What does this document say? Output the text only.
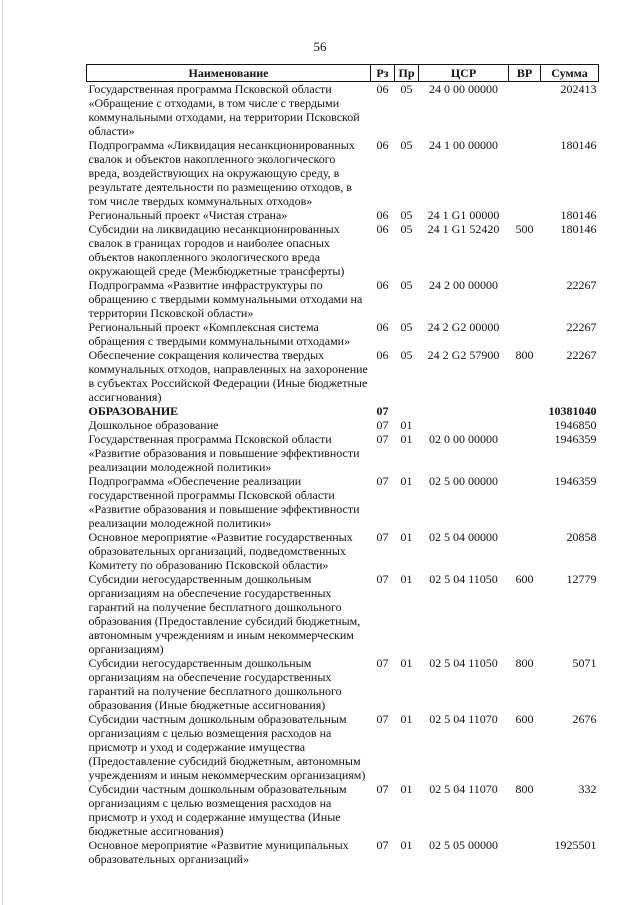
56
Наименование	Рз	Пр	ЦСР	ВР	Сумма
Государственная программа Псковской области «Обращение с отходами, в том числе с твердыми коммунальными отходами, на территории Псковской области»	06	05	24 0 00 00000		202413
Подпрограмма «Ликвидация несанкционированных свалок и объектов накопленного экологического вреда, воздействующих на окружающую среду, в результате деятельности по размещению отходов, в том числе твердых коммунальных отходов»	06	05	24 1 00 00000		180146
Региональный проект «Чистая страна»	06	05	24 1 G1 00000		180146
Субсидии на ликвидацию несанкционированных свалок в границах городов и наиболее опасных объектов накопленного экологического вреда окружающей среде (Межбюджетные трансферты)	06	05	24 1 G1 52420	500	180146
Подпрограмма «Развитие инфраструктуры по обращению с твердыми коммунальными отходами на территории Псковской области»	06	05	24 2 00 00000		22267
Региональный проект «Комплексная система обращения с твердыми коммунальными отходами»	06	05	24 2 G2 00000		22267
Обеспечение сокращения количества твердых коммунальных отходов, направленных на захоронение в субъектах Российской Федерации (Иные бюджетные ассигнования)	06	05	24 2 G2 57900	800	22267
ОБРАЗОВАНИЕ	07				10381040
Дошкольное образование	07	01			1946850
Государственная программа Псковской области «Развитие образования и повышение эффективности реализации молодежной политики»	07	01	02 0 00 00000		1946359
Подпрограмма «Обеспечение реализации государственной программы Псковской области «Развитие образования и повышение эффективности реализации молодежной политики»	07	01	02 5 00 00000		1946359
Основное мероприятие «Развитие государственных образовательных организаций, подведомственных Комитету по образованию Псковской области»	07	01	02 5 04 00000		20858
Субсидии негосударственным дошкольным организациям на обеспечение государственных гарантий на получение бесплатного дошкольного образования (Предоставление субсидий бюджетным, автономным учреждениям и иным некоммерческим организациям)	07	01	02 5 04 11050	600	12779
Субсидии негосударственным дошкольным организациям на обеспечение государственных гарантий на получение бесплатного дошкольного образования (Иные бюджетные ассигнования)	07	01	02 5 04 11050	800	5071
Субсидии частным дошкольным образовательным организациям с целью возмещения расходов на присмотр и уход и содержание имущества (Предоставление субсидий бюджетным, автономным учреждениям и иным некоммерческим организациям)	07	01	02 5 04 11070	600	2676
Субсидии частным дошкольным образовательным организациям с целью возмещения расходов на присмотр и уход и содержание имущества (Иные бюджетные ассигнования)	07	01	02 5 04 11070	800	332
Основное мероприятие «Развитие муниципальных образовательных организаций»	07	01	02 5 05 00000		1925501
